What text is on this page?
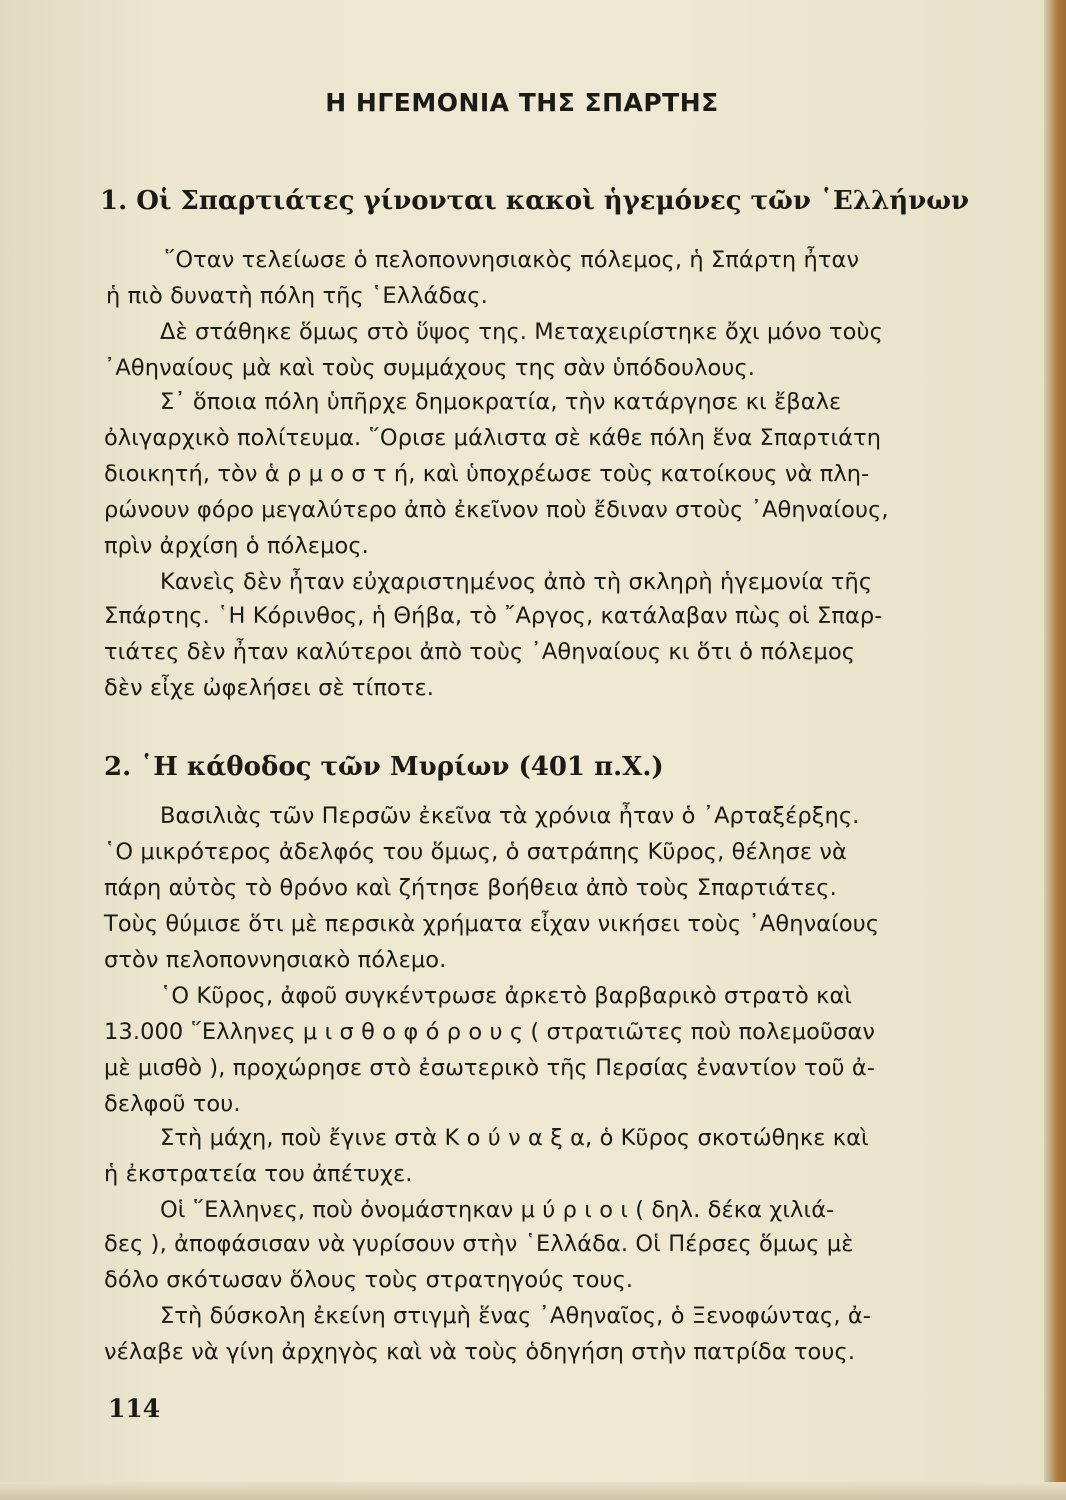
Η ΗΓΕΜΟΝΙΑ ΤΗΣ ΣΠΑΡΤΗΣ
1. Οἱ Σπαρτιάτες γίνονται κακοὶ ἡγεμόνες τῶν ῾Ελλήνων
῞Οταν τελείωσε ὁ πελοποννησιακὸς πόλεμος, ἡ Σπάρτη ἦταν
ἡ πιὸ δυνατὴ πόλη τῆς ῾Ελλάδας.
Δὲ στάθηκε ὅμως στὸ ὕψος της. Μεταχειρίστηκε ὄχι μόνο τοὺς
᾿Αθηναίους μὰ καὶ τοὺς συμμάχους της σὰν ὑπόδουλους.
Σ᾿ ὅποια πόλη ὑπῆρχε δημοκρατία, τὴν κατάργησε κι ἔβαλε
ὀλιγαρχικὸ πολίτευμα. ῞Ορισε μάλιστα σὲ κάθε πόλη ἕνα Σπαρτιάτη
διοικητή, τὸν ἁ ρ μ ο σ τ ή, καὶ ὑποχρέωσε τοὺς κατοίκους νὰ πλη-
ρώνουν φόρο μεγαλύτερο ἀπὸ ἐκεῖνον ποὺ ἔδιναν στοὺς ᾿Αθηναίους,
πρὶν ἀρχίση ὁ πόλεμος.
Κανεὶς δὲν ἦταν εὐχαριστημένος ἀπὸ τὴ σκληρὴ ἡγεμονία τῆς
Σπάρτης. ῾Η Κόρινθος, ἡ Θήβα, τὸ ῎Αργος, κατάλαβαν πὼς οἱ Σπαρ-
τιάτες δὲν ἦταν καλύτεροι ἀπὸ τοὺς ᾿Αθηναίους κι ὅτι ὁ πόλεμος
δὲν εἶχε ὠφελήσει σὲ τίποτε.
2. ῾Η κάθοδος τῶν Μυρίων (401 π.Χ.)
Βασιλιὰς τῶν Περσῶν ἐκεῖνα τὰ χρόνια ἦταν ὁ ᾿Αρταξέρξης.
῾Ο μικρότερος ἀδελφός του ὅμως, ὁ σατράπης Κῦρος, θέλησε νὰ
πάρη αὐτὸς τὸ θρόνο καὶ ζήτησε βοήθεια ἀπὸ τοὺς Σπαρτιάτες.
Τοὺς θύμισε ὅτι μὲ περσικὰ χρήματα εἶχαν νικήσει τοὺς ᾿Αθηναίους
στὸν πελοποννησιακὸ πόλεμο.
῾Ο Κῦρος, ἀφοῦ συγκέντρωσε ἀρκετὸ βαρβαρικὸ στρατὸ καὶ
13.000 ῞Ελληνες μ ι σ θ ο φ ό ρ ο υ ς ( στρατιῶτες ποὺ πολεμοῦσαν
μὲ μισθὸ ), προχώρησε στὸ ἐσωτερικὸ τῆς Περσίας ἐναντίον τοῦ ἀ-
δελφοῦ του.
Στὴ μάχη, ποὺ ἔγινε στὰ Κ ο ύ ν α ξ α, ὁ Κῦρος σκοτώθηκε καὶ
ἡ ἐκστρατεία του ἀπέτυχε.
Οἱ ῞Ελληνες, ποὺ ὀνομάστηκαν μ ύ ρ ι ο ι ( δηλ. δέκα χιλιά-
δες ), ἀποφάσισαν νὰ γυρίσουν στὴν ῾Ελλάδα. Οἱ Πέρσες ὅμως μὲ
δόλο σκότωσαν ὅλους τοὺς στρατηγούς τους.
Στὴ δύσκολη ἐκείνη στιγμὴ ἕνας ᾿Αθηναῖος, ὁ Ξενοφώντας, ἀ-
νέλαβε νὰ γίνη ἀρχηγὸς καὶ νὰ τοὺς ὁδηγήση στὴν πατρίδα τους.
114
